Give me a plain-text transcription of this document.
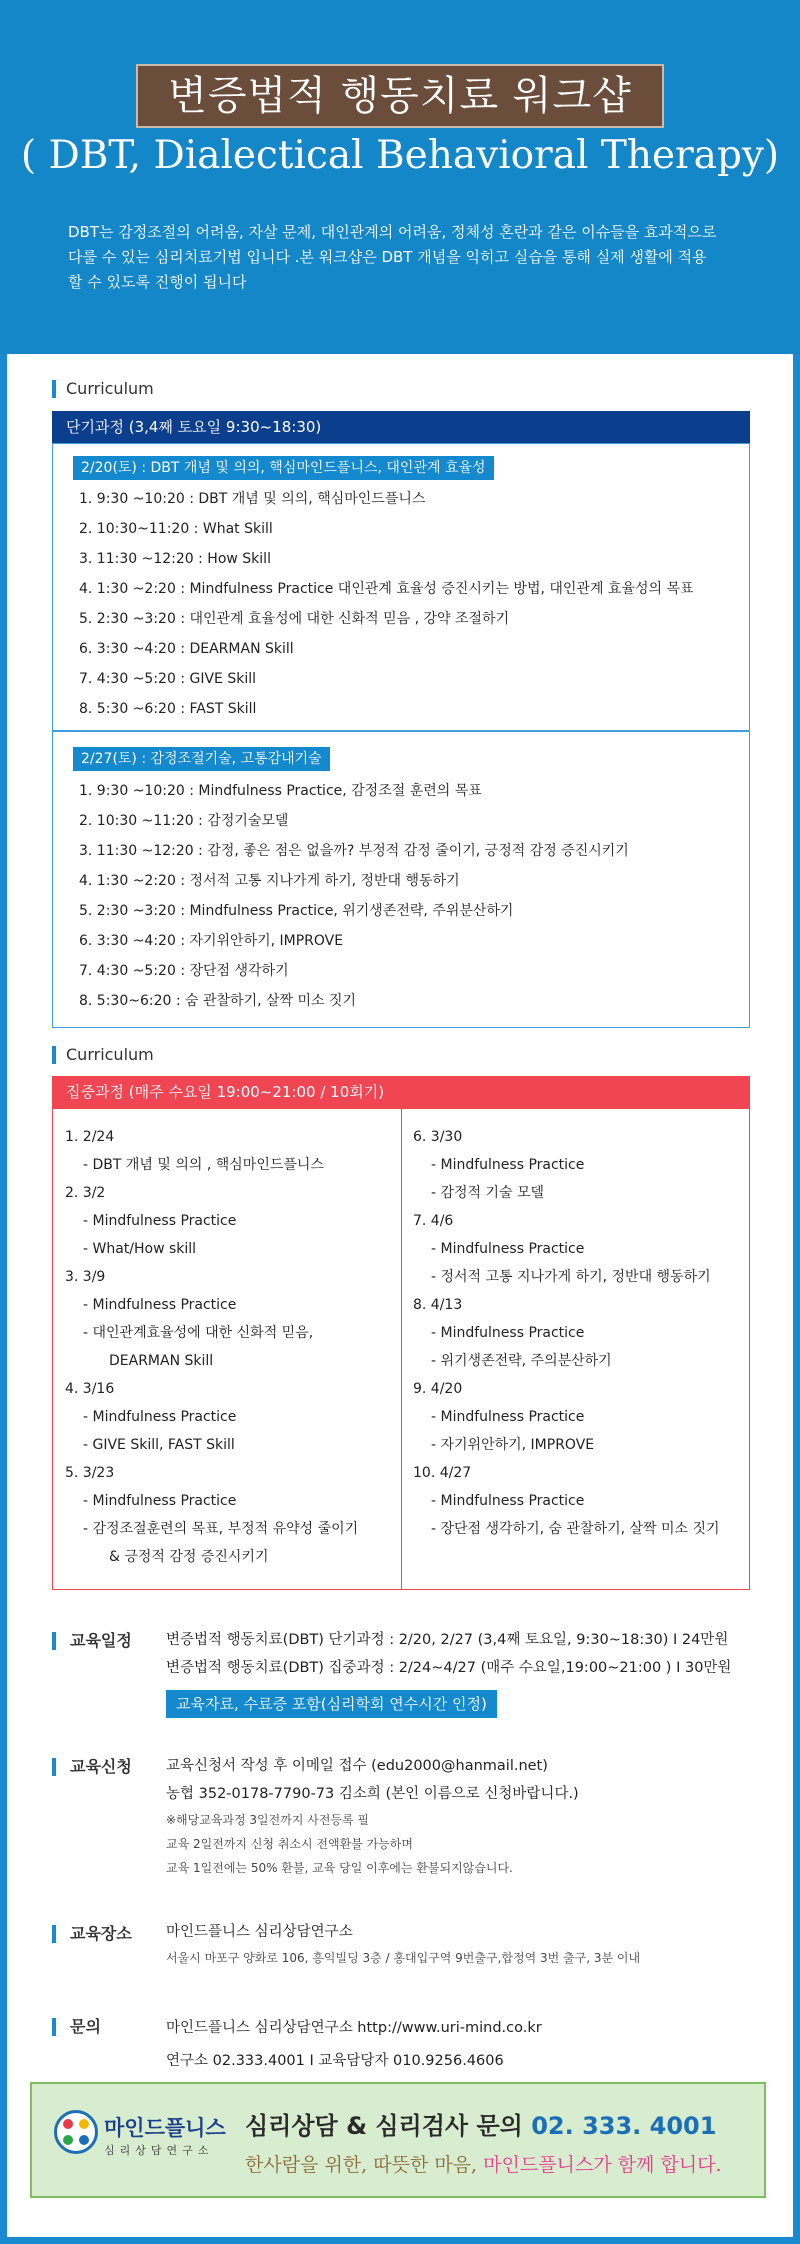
변증법적 행동치료 워크샵
( DBT, Dialectical Behavioral Therapy)
DBT는 감정조절의 어려움, 자살 문제, 대인관계의 어려움, 정체성 혼란과 같은 이슈들을 효과적으로
다룰 수 있는 심리치료기법 입니다 .본 워크샵은 DBT 개념을 익히고 실습을 통해 실제 생활에 적용
할 수 있도록 진행이 됩니다
Curriculum
단기과정 (3,4째 토요일 9:30~18:30)
2/20(토) : DBT 개념 및 의의, 핵심마인드플니스, 대인관계 효율성
1. 9:30 ~10:20 : DBT 개념 및 의의, 핵심마인드플니스
2. 10:30~11:20 : What Skill
3. 11:30 ~12:20 : How Skill
4. 1:30 ~2:20 : Mindfulness Practice 대인관계 효율성 증진시키는 방법, 대인관계 효율성의 목표
5. 2:30 ~3:20 : 대인관계 효율성에 대한 신화적 믿음 , 강약 조절하기
6. 3:30 ~4:20 : DEARMAN Skill
7. 4:30 ~5:20 : GIVE Skill
8. 5:30 ~6:20 : FAST Skill
2/27(토) : 감정조절기술, 고통감내기술
1. 9:30 ~10:20 : Mindfulness Practice, 감정조절 훈련의 목표
2. 10:30 ~11:20 : 감정기술모델
3. 11:30 ~12:20 : 감정, 좋은 점은 없을까? 부정적 감정 줄이기, 긍정적 감정 증진시키기
4. 1:30 ~2:20 : 정서적 고통 지나가게 하기, 정반대 행동하기
5. 2:30 ~3:20 : Mindfulness Practice, 위기생존전략, 주위분산하기
6. 3:30 ~4:20 : 자기위안하기, IMPROVE
7. 4:30 ~5:20 : 장단점 생각하기
8. 5:30~6:20 : 숨 관찰하기, 살짝 미소 짓기
Curriculum
집중과정 (매주 수요일 19:00~21:00 / 10회기)
1. 2/24
- DBT 개념 및 의의 , 핵심마인드플니스
2. 3/2
- Mindfulness Practice
- What/How skill
3. 3/9
- Mindfulness Practice
- 대인관계효율성에 대한 신화적 믿음,
DEARMAN Skill
4. 3/16
- Mindfulness Practice
- GIVE Skill, FAST Skill
5. 3/23
- Mindfulness Practice
- 감정조절훈련의 목표, 부정적 유약성 줄이기
& 긍정적 감정 증진시키기
6. 3/30
- Mindfulness Practice
- 감정적 기술 모델
7. 4/6
- Mindfulness Practice
- 정서적 고통 지나가게 하기, 정반대 행동하기
8. 4/13
- Mindfulness Practice
- 위기생존전략, 주의분산하기
9. 4/20
- Mindfulness Practice
- 자기위안하기, IMPROVE
10. 4/27
- Mindfulness Practice
- 장단점 생각하기, 숨 관찰하기, 살짝 미소 짓기
교육일정 변증법적 행동치료(DBT) 단기과정 : 2/20, 2/27 (3,4째 토요일, 9:30~18:30) I 24만원
변증법적 행동치료(DBT) 집중과정 : 2/24~4/27 (매주 수요일,19:00~21:00 ) I 30만원
교육자료, 수료증 포함(심리학회 연수시간 인정)
교육신청 교육신청서 작성 후 이메일 접수 (edu2000@hanmail.net)
농협 352-0178-7790-73 김소희 (본인 이름으로 신청바랍니다.)
※해당교육과정 3일전까지 사전등록 필
교육 2일전까지 신청 취소시 전액환불 가능하며
교육 1일전에는 50% 환불, 교육 당일 이후에는 환불되지않습니다.
교육장소 마인드플니스 심리상담연구소
서울시 마포구 양화로 106, 흥익빌딩 3층 / 홍대입구역 9번출구,합정역 3번 출구, 3분 이내
문의	마인드플니스 심리상담연구소 http://www.uri-mind.co.kr
연구소 02.333.4001 I 교육담당자 010.9256.4606
마인드플니스
심리상담연구소
심리상담 & 심리검사 문의 02. 333. 4001
한사람을 위한, 따뜻한 마음, 마인드플니스가 함께 합니다.
